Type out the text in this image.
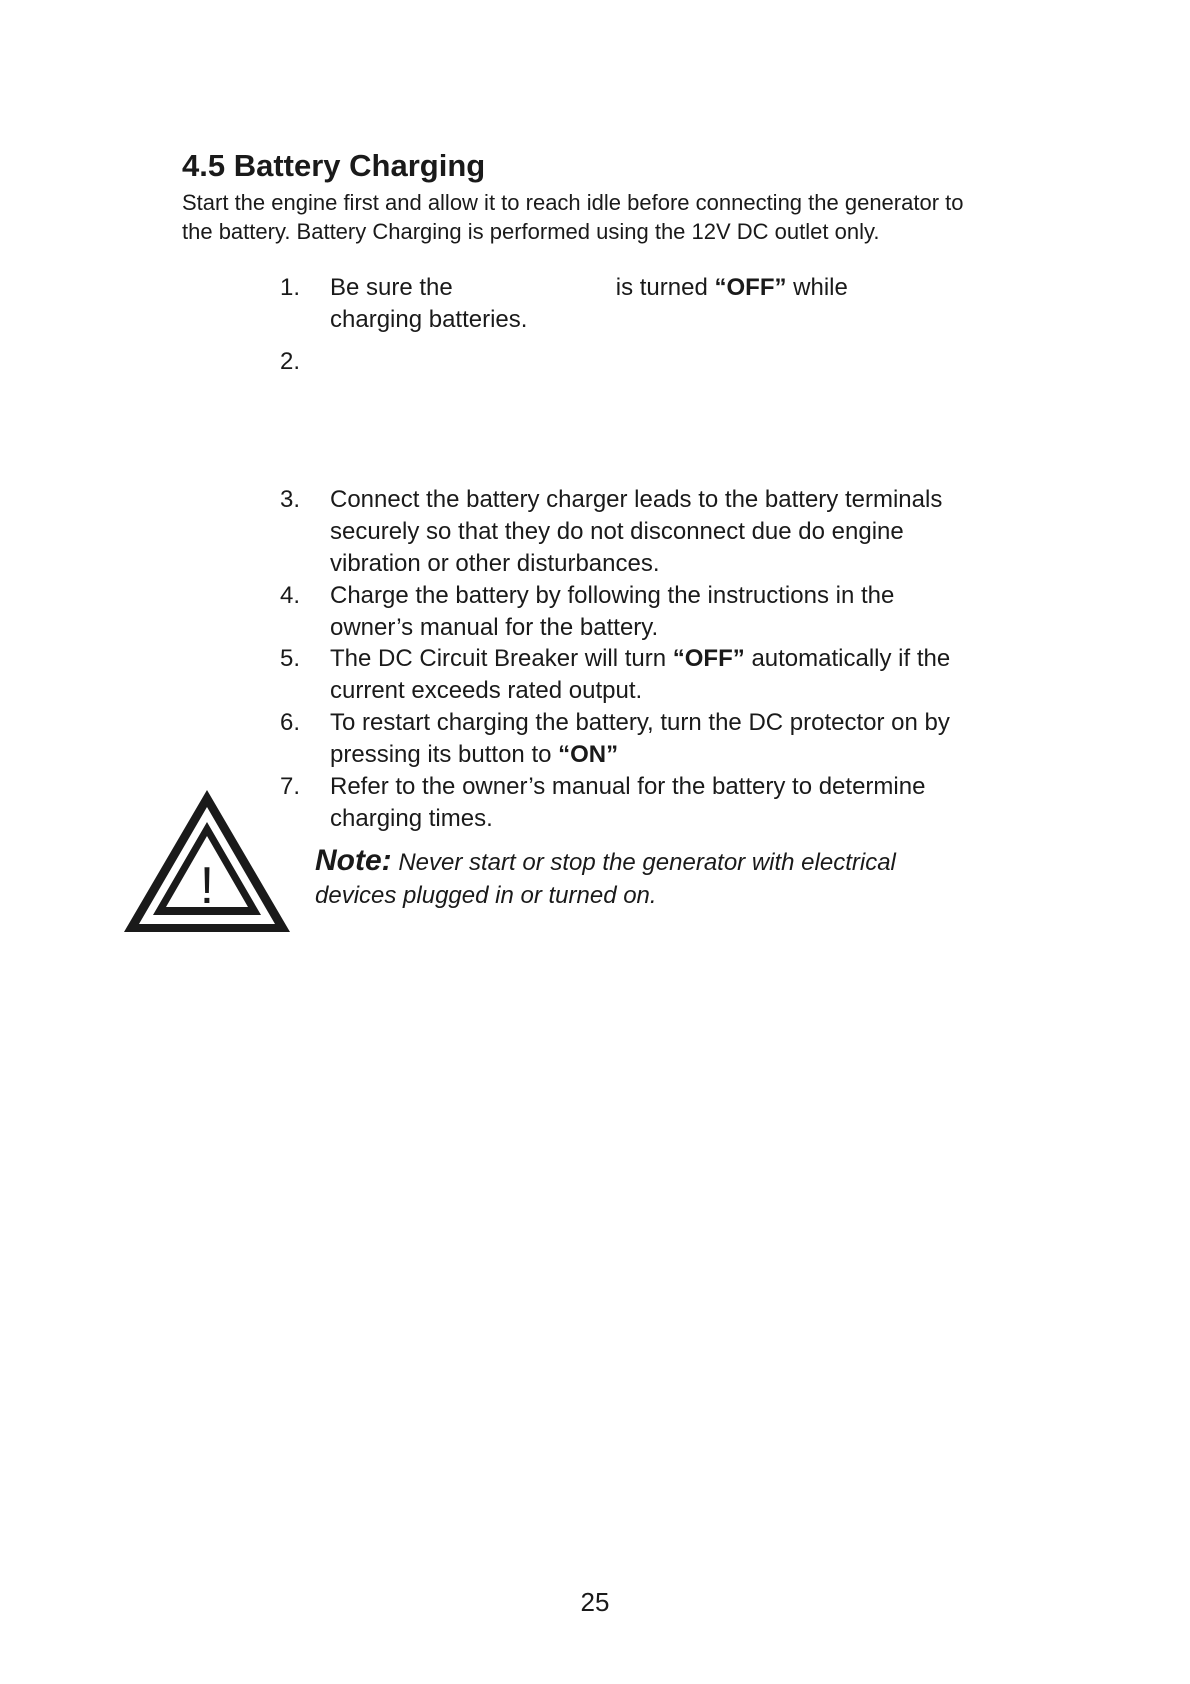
4.5 Battery Charging
Start the engine first and allow it to reach idle before connecting the generator to
the battery. Battery Charging is performed using the 12V DC outlet only.
1. Be sure the	is turned “OFF” while
charging batteries.
2.
3. Connect the battery charger leads to the battery terminals
securely so that they do not disconnect due do engine
vibration or other disturbances.
4. Charge the battery by following the instructions in the
owner’s manual for the battery.
5. The DC Circuit Breaker will turn “OFF” automatically if the
current exceeds rated output.
6. To restart charging the battery, turn the DC protector on by
pressing its button to “ON”
7. Refer to the owner’s manual for the battery to determine
charging times.
!	Note: Never start or stop the generator with electrical
devices plugged in or turned on.
25
